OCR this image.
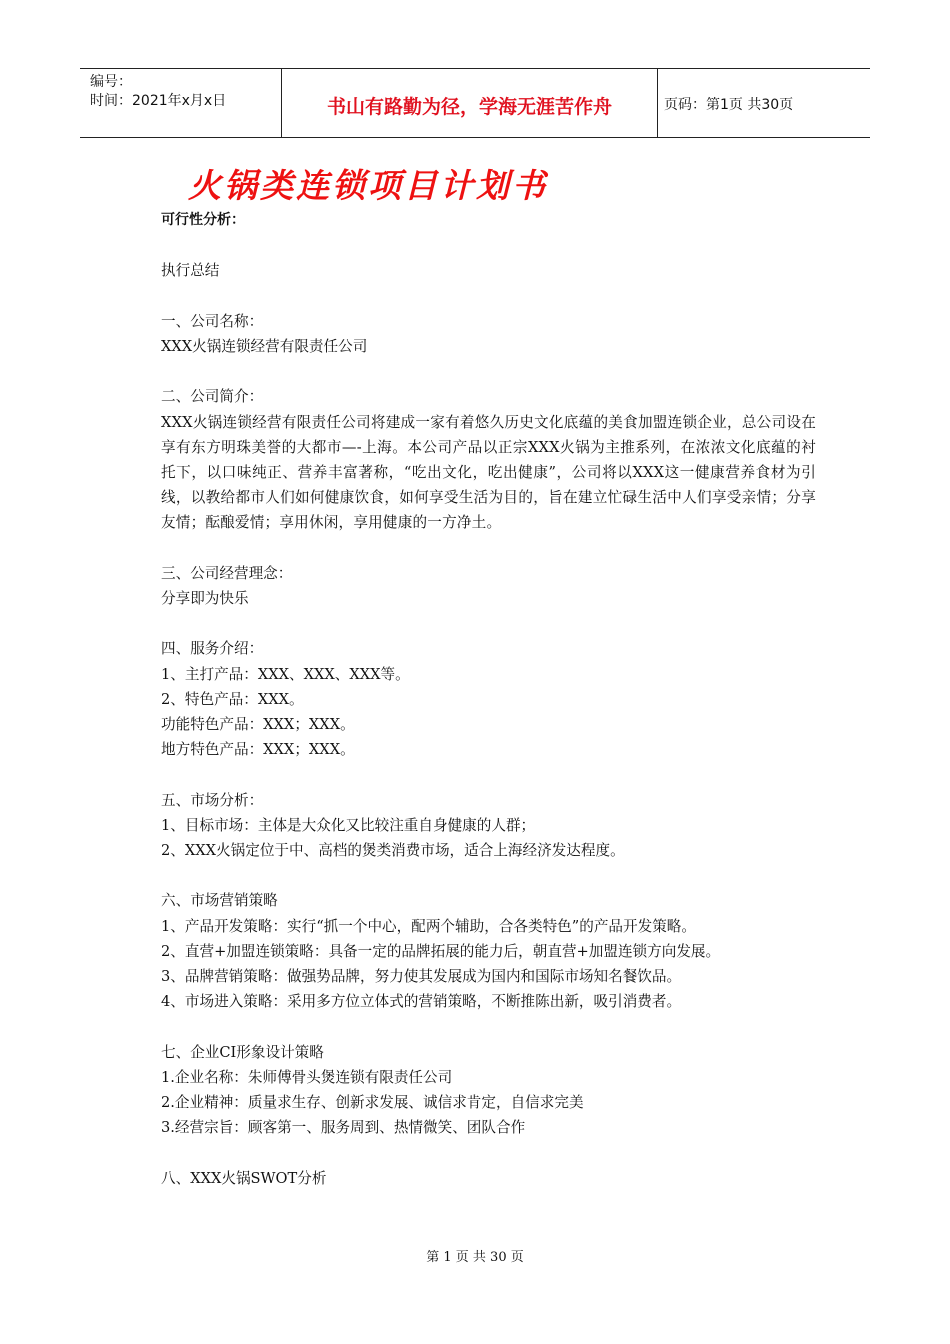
编号：
时间：2021年x月x日	书山有路勤为径，学海无涯苦作舟	页码：第1页 共30页
火锅类连锁项目计划书

可行性分析：

执行总结

一、公司名称：

XXX火锅连锁经营有限责任公司

二、公司简介：

XXX火锅连锁经营有限责任公司将建成一家有着悠久历史文化底蕴的美食加盟连锁企业，总公司设在享有东方明珠美誉的大都市—-上海。本公司产品以正宗XXX火锅为主推系列，在浓浓文化底蕴的衬托下，以口味纯正、营养丰富著称，“吃出文化，吃出健康”，公司将以XXX这一健康营养食材为引线，以教给都市人们如何健康饮食，如何享受生活为目的，旨在建立忙碌生活中人们享受亲情；分享友情；酝酿爱情；享用休闲，享用健康的一方净土。

三、公司经营理念：

分享即为快乐

四、服务介绍：

1、主打产品：XXX、XXX、XXX等。

2、特色产品：XXX。

功能特色产品：XXX；XXX。

地方特色产品：XXX；XXX。

五、市场分析：

1、目标市场：主体是大众化又比较注重自身健康的人群；

2、XXX火锅定位于中、高档的煲类消费市场，适合上海经济发达程度。

六、市场营销策略

1、产品开发策略：实行“抓一个中心，配两个辅助，合各类特色”的产品开发策略。

2、直营+加盟连锁策略：具备一定的品牌拓展的能力后，朝直营+加盟连锁方向发展。

3、品牌营销策略：做强势品牌，努力使其发展成为国内和国际市场知名餐饮品。

4、市场进入策略：采用多方位立体式的营销策略，不断推陈出新，吸引消费者。

七、企业CI形象设计策略

1.企业名称：朱师傅骨头煲连锁有限责任公司

2.企业精神：质量求生存、创新求发展、诚信求肯定，自信求完美

3.经营宗旨：顾客第一、服务周到、热情微笑、团队合作

八、XXX火锅SWOT分析

第 1 页 共 30 页
